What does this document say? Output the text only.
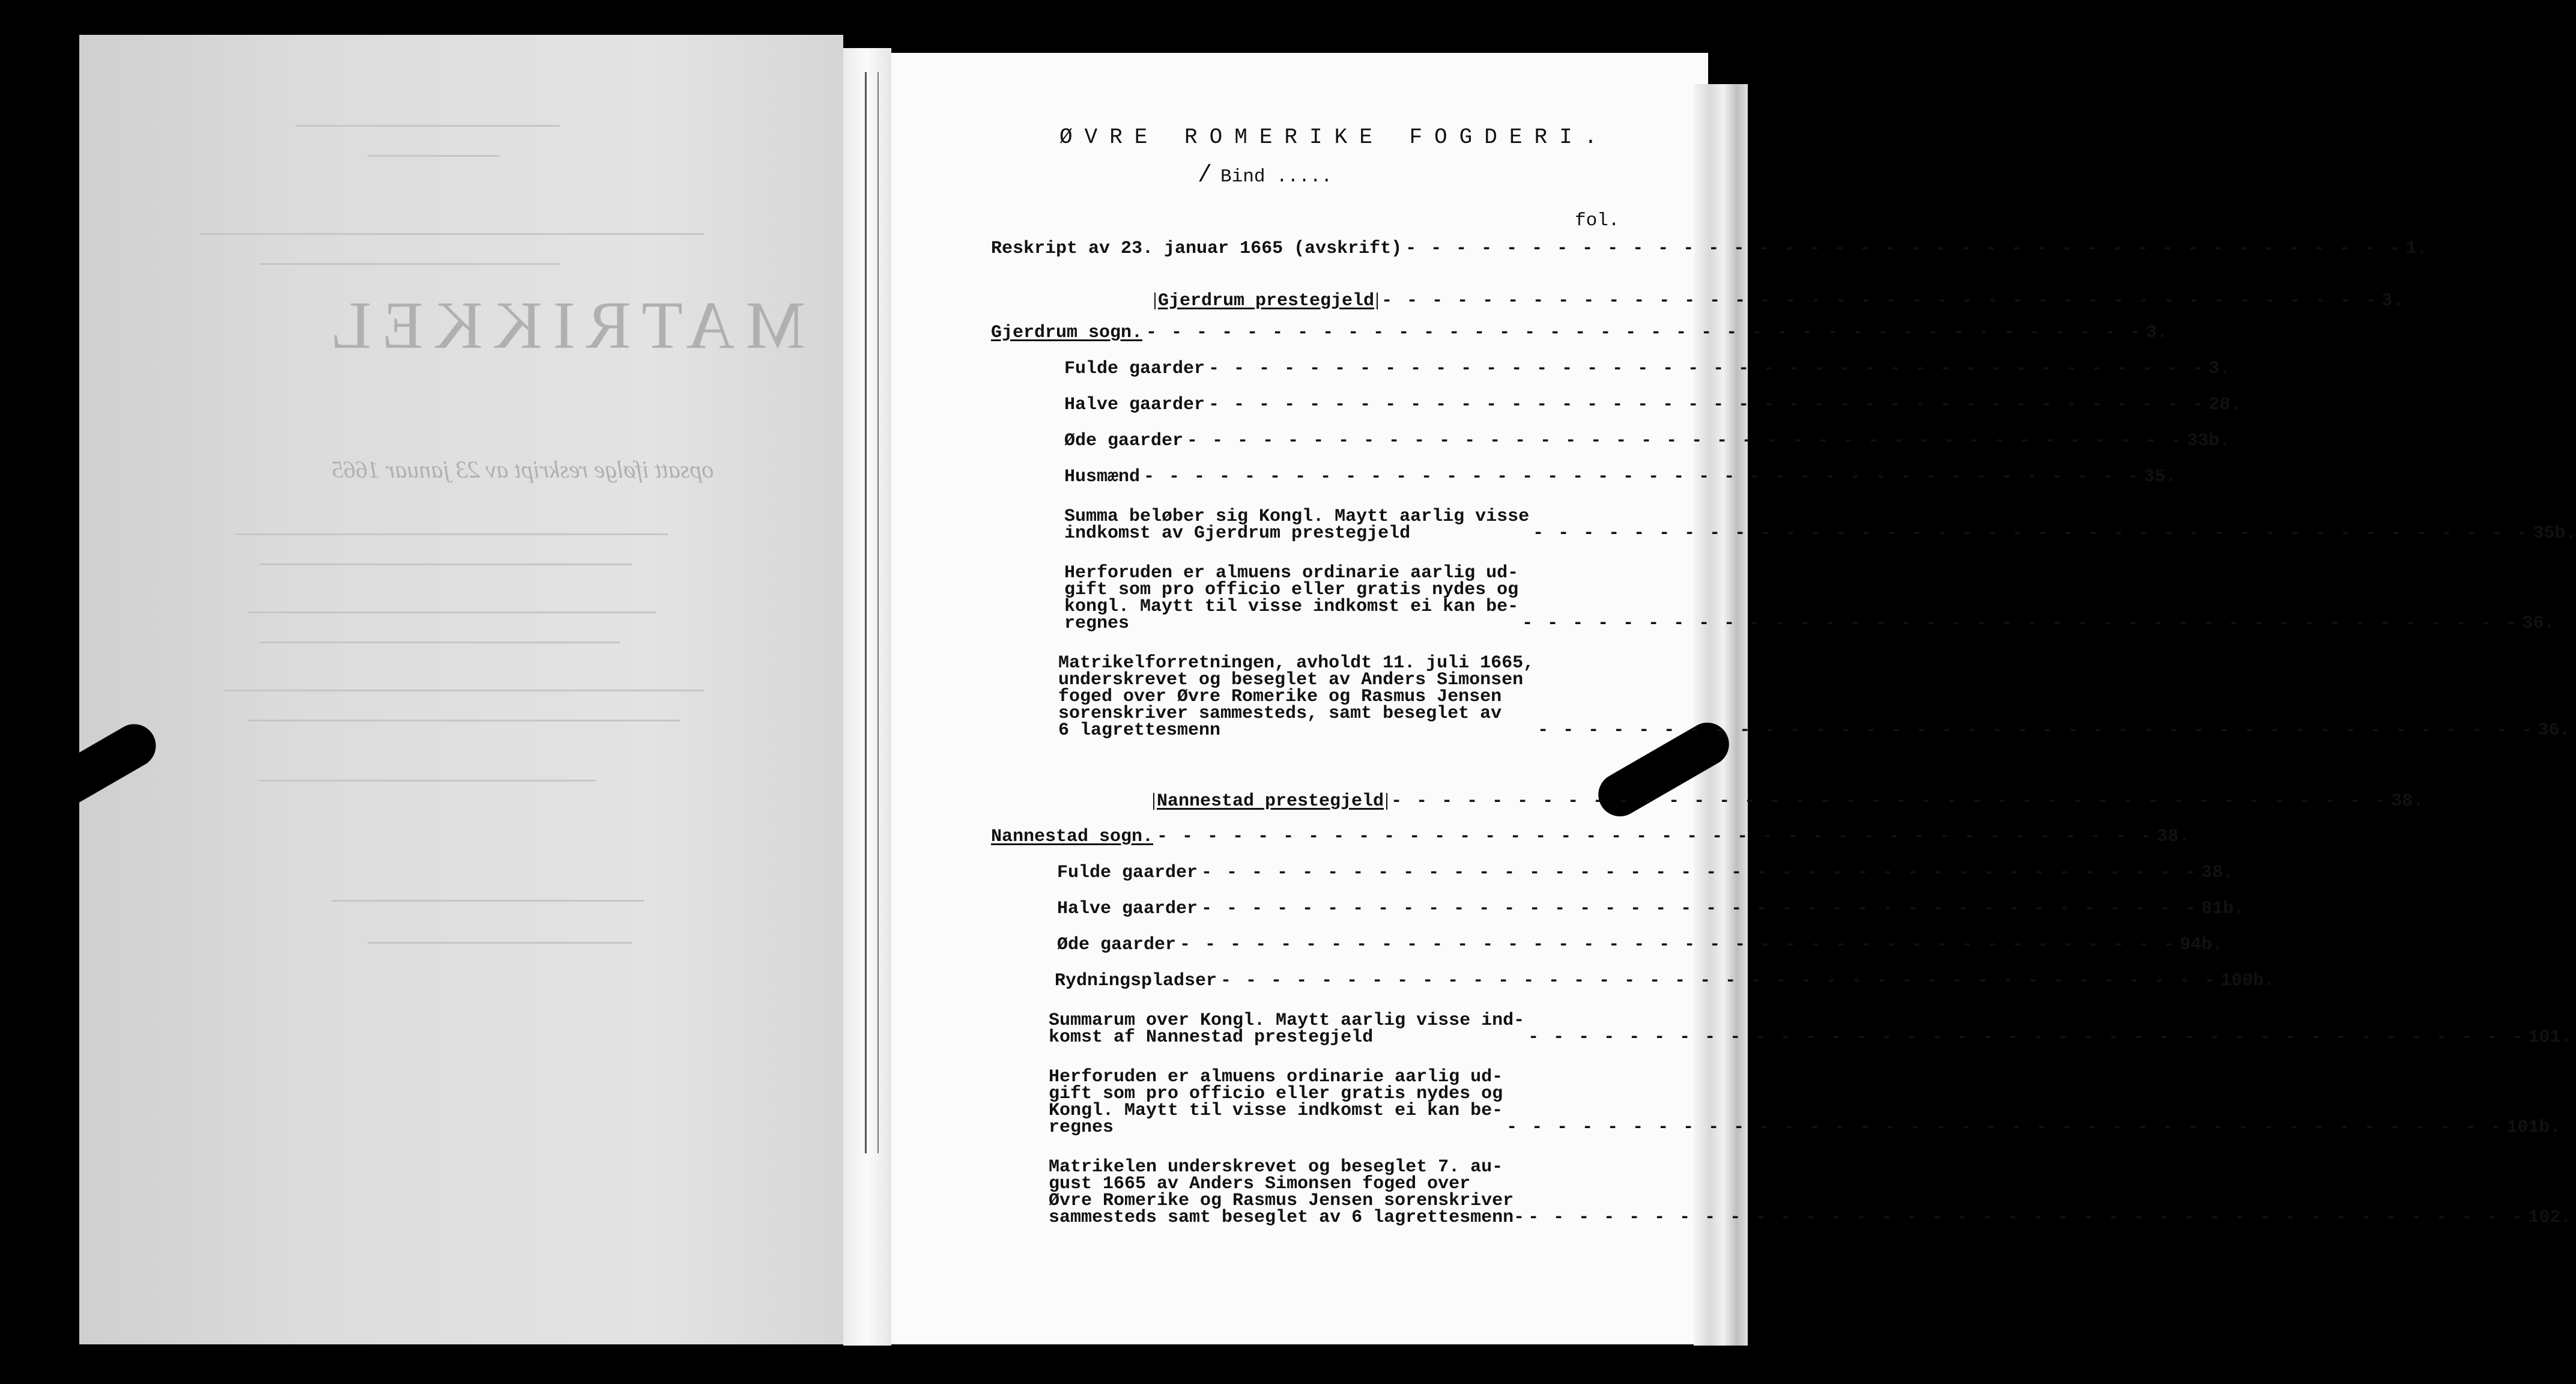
MATRIKKEL
opsatt ifølge reskript av 23 januar 1665
ØVRE ROMERIKE FOGDERI.
/ Bind .....
fol.
Reskript av 23. januar 1665 (avskrift) - - - - - - - - - - - - - - - - - - - - - - - - - - - - - - - - - - - - - - - - 1.
Gjerdrum prestegjeld - - - - - - - - - - - - - - - - - - - - - - - - - - - - - - - - - - - - - - - - 3.
Gjerdrum sogn. - - - - - - - - - - - - - - - - - - - - - - - - - - - - - - - - - - - - - - - - 3.
Fulde gaarder - - - - - - - - - - - - - - - - - - - - - - - - - - - - - - - - - - - - - - - - 3.
Halve gaarder - - - - - - - - - - - - - - - - - - - - - - - - - - - - - - - - - - - - - - - - 28.
Øde gaarder - - - - - - - - - - - - - - - - - - - - - - - - - - - - - - - - - - - - - - - - 33b.
Husmænd - - - - - - - - - - - - - - - - - - - - - - - - - - - - - - - - - - - - - - - - 35.
Summa beløber sig Kongl. Maytt aarlig visse
indkomst av Gjerdrum prestegjeld	- - - - - - - - - - - - - - - - - - - - - - - - - - - - - - - - - - - - - - - - 35b.
Herforuden er almuens ordinarie aarlig ud-
gift som pro officio eller gratis nydes og
kongl. Maytt til visse indkomst ei kan be-
regnes	- - - - - - - - - - - - - - - - - - - - - - - - - - - - - - - - - - - - - - - - 36.
Matrikelforretningen, avholdt 11. juli 1665,
underskrevet og beseglet av Anders Simonsen
foged over Øvre Romerike og Rasmus Jensen
sorenskriver sammesteds, samt beseglet av
6 lagrettesmenn	- - - - - - - - - - - - - - - - - - - - - - - - - - - - - - - - - - - - - - - - 36.
Nannestad prestegjeld - - - - - - - - - - - - - - - - - - - - - - - - - - - - - - - - - - - - - - - - 38.
Nannestad sogn. - - - - - - - - - - - - - - - - - - - - - - - - - - - - - - - - - - - - - - - - 38.
Fulde gaarder - - - - - - - - - - - - - - - - - - - - - - - - - - - - - - - - - - - - - - - - 38.
Halve gaarder - - - - - - - - - - - - - - - - - - - - - - - - - - - - - - - - - - - - - - - - 81b.
Øde gaarder - - - - - - - - - - - - - - - - - - - - - - - - - - - - - - - - - - - - - - - - 94b.
Rydningspladser - - - - - - - - - - - - - - - - - - - - - - - - - - - - - - - - - - - - - - - - 100b.
Summarum over Kongl. Maytt aarlig visse ind-
komst af Nannestad prestegjeld	- - - - - - - - - - - - - - - - - - - - - - - - - - - - - - - - - - - - - - - - 101.
Herforuden er almuens ordinarie aarlig ud-
gift som pro officio eller gratis nydes og
Kongl. Maytt til visse indkomst ei kan be-
regnes	- - - - - - - - - - - - - - - - - - - - - - - - - - - - - - - - - - - - - - - - 101b.
Matrikelen underskrevet og beseglet 7. au-
gust 1665 av Anders Simonsen foged over
Øvre Romerike og Rasmus Jensen sorenskriver
sammesteds samt beseglet av 6 lagrettesmenn- - - - - - - - - - - - - - - - - - - - - - - - - - - - - - - - - - - - - - - - - 102.
